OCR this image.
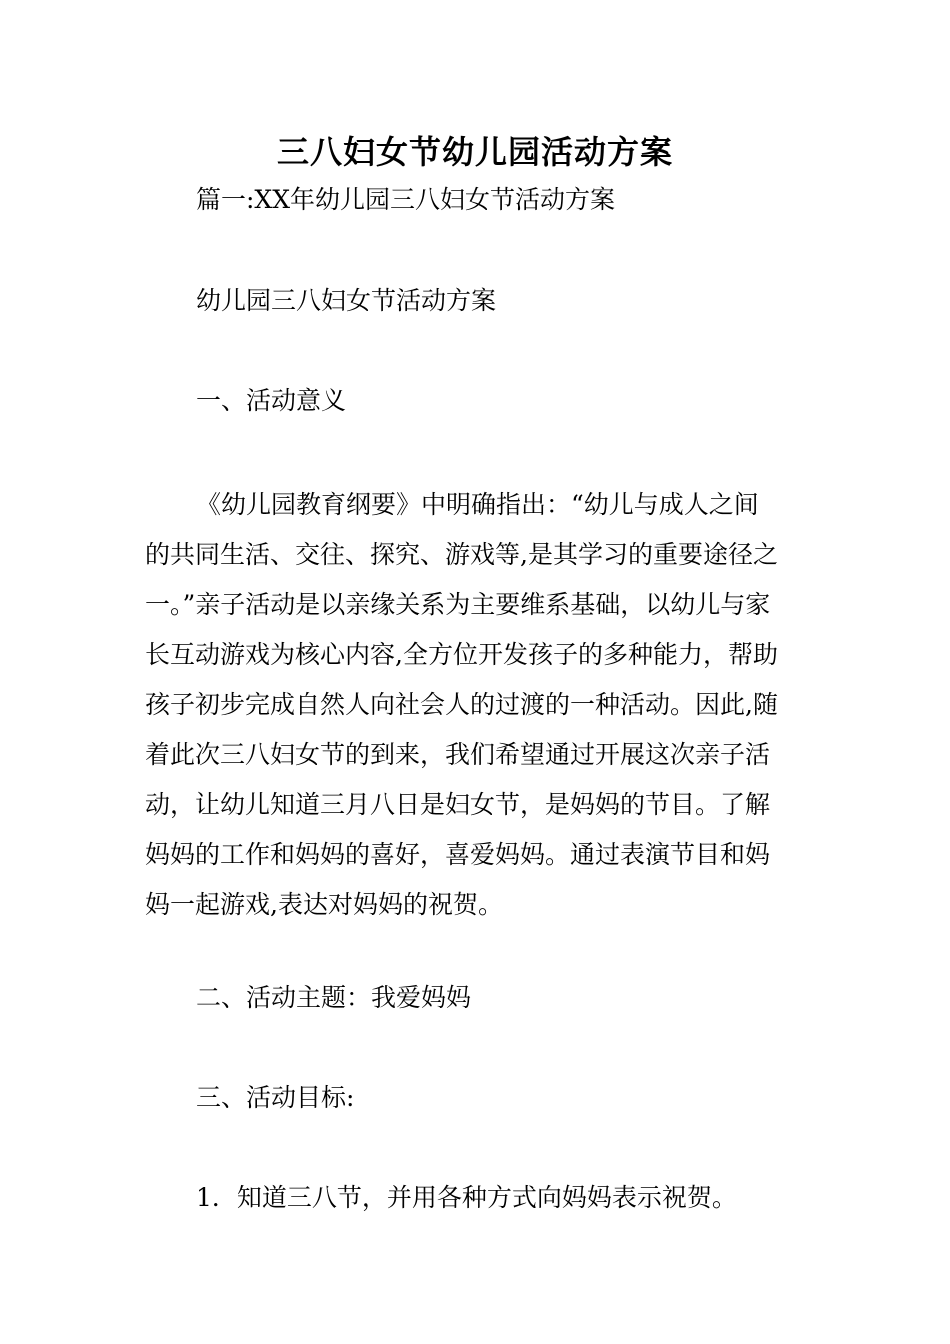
三八妇女节幼儿园活动方案
篇一:XX年幼儿园三八妇女节活动方案
幼儿园三八妇女节活动方案
一、活动意义
《幼儿园教育纲要》中明确指出：“幼儿与成人之间
的共同生活、交往、探究、游戏等,是其学习的重要途径之
一。”亲子活动是以亲缘关系为主要维系基础，以幼儿与家
长互动游戏为核心内容,全方位开发孩子的多种能力，帮助
孩子初步完成自然人向社会人的过渡的一种活动。因此,随
着此次三八妇女节的到来，我们希望通过开展这次亲子活
动，让幼儿知道三月八日是妇女节，是妈妈的节目。了解
妈妈的工作和妈妈的喜好，喜爱妈妈。通过表演节目和妈
妈一起游戏,表达对妈妈的祝贺。
二、活动主题：我爱妈妈
三、活动目标:
1．知道三八节，并用各种方式向妈妈表示祝贺。
